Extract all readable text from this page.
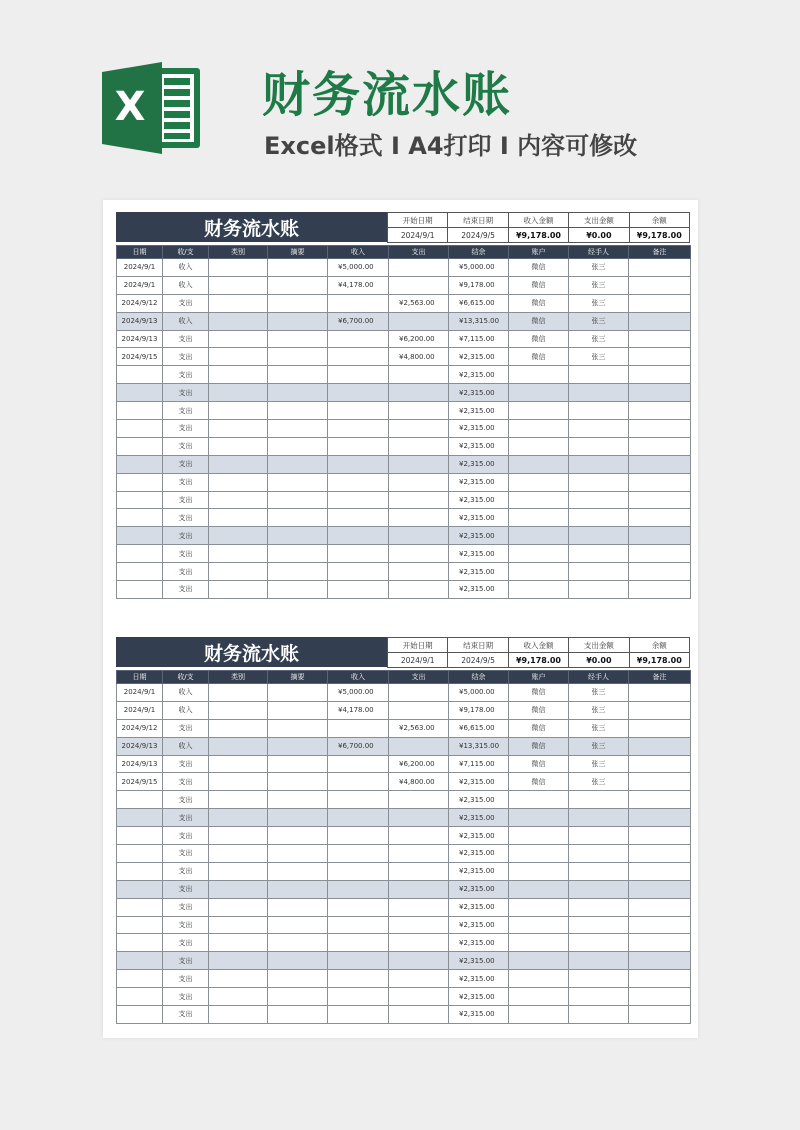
X 财务流水账
Excel格式 I A4打印 I 内容可修改
财务流水账	开始日期	结束日期	收入金额	支出金额	余额
2024/9/1	2024/9/5	¥9,178.00	¥0.00	¥9,178.00
日期	收/支	类别	摘要	收入	支出	结余	账户	经手人	备注
2024/9/1	收入			¥5,000.00		¥5,000.00	微信	张三	
2024/9/1	收入			¥4,178.00		¥9,178.00	微信	张三	
2024/9/12	支出				¥2,563.00	¥6,615.00	微信	张三	
2024/9/13	收入			¥6,700.00		¥13,315.00	微信	张三	
2024/9/13	支出				¥6,200.00	¥7,115.00	微信	张三	
2024/9/15	支出				¥4,800.00	¥2,315.00	微信	张三	
	支出					¥2,315.00			
	支出					¥2,315.00			
	支出					¥2,315.00			
	支出					¥2,315.00			
	支出					¥2,315.00			
	支出					¥2,315.00			
	支出					¥2,315.00			
	支出					¥2,315.00			
	支出					¥2,315.00			
	支出					¥2,315.00			
	支出					¥2,315.00			
	支出					¥2,315.00			
	支出					¥2,315.00			
财务流水账	开始日期	结束日期	收入金额	支出金额	余额
2024/9/1	2024/9/5	¥9,178.00	¥0.00	¥9,178.00
日期	收/支	类别	摘要	收入	支出	结余	账户	经手人	备注
2024/9/1	收入			¥5,000.00		¥5,000.00	微信	张三	
2024/9/1	收入			¥4,178.00		¥9,178.00	微信	张三	
2024/9/12	支出				¥2,563.00	¥6,615.00	微信	张三	
2024/9/13	收入			¥6,700.00		¥13,315.00	微信	张三	
2024/9/13	支出				¥6,200.00	¥7,115.00	微信	张三	
2024/9/15	支出				¥4,800.00	¥2,315.00	微信	张三	
	支出					¥2,315.00			
	支出					¥2,315.00			
	支出					¥2,315.00			
	支出					¥2,315.00			
	支出					¥2,315.00			
	支出					¥2,315.00			
	支出					¥2,315.00			
	支出					¥2,315.00			
	支出					¥2,315.00			
	支出					¥2,315.00			
	支出					¥2,315.00			
	支出					¥2,315.00			
	支出					¥2,315.00			
